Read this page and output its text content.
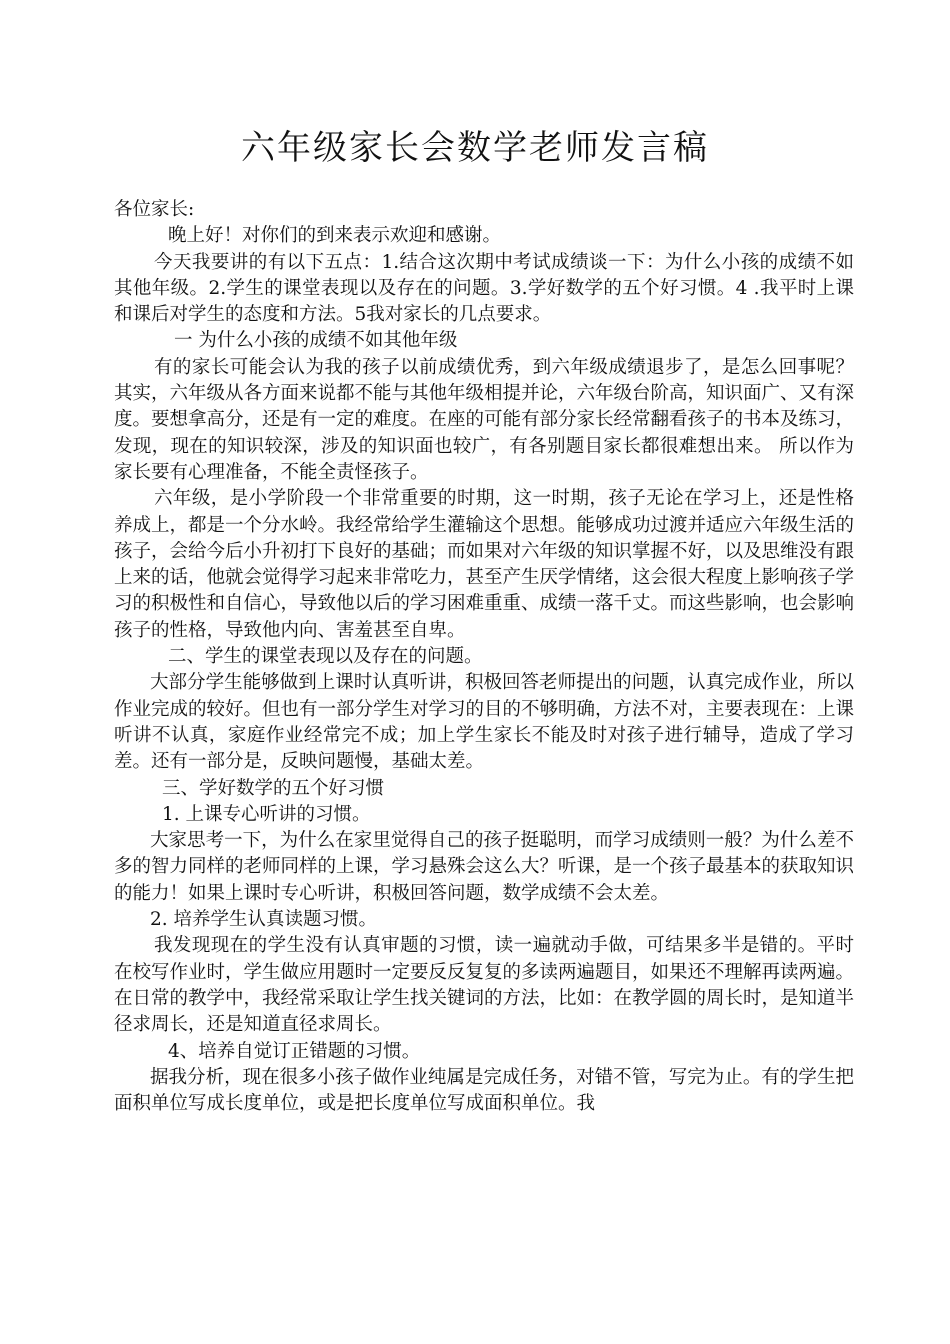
六年级家长会数学老师发言稿

各位家长:

晚上好！对你们的到来表示欢迎和感谢。

今天我要讲的有以下五点：1.结合这次期中考试成绩谈一下：为什么小孩的成绩不如其他年级。2.学生的课堂表现以及存在的问题。3.学好数学的五个好习惯。4 .我平时上课和课后对学生的态度和方法。5我对家长的几点要求。

一 为什么小孩的成绩不如其他年级

有的家长可能会认为我的孩子以前成绩优秀，到六年级成绩退步了，是怎么回事呢？其实，六年级从各方面来说都不能与其他年级相提并论，六年级台阶高，知识面广、又有深度。要想拿高分，还是有一定的难度。在座的可能有部分家长经常翻看孩子的书本及练习，发现，现在的知识较深，涉及的知识面也较广，有各别题目家长都很难想出来。 所以作为家长要有心理准备，不能全责怪孩子。

六年级，是小学阶段一个非常重要的时期，这一时期，孩子无论在学习上，还是性格养成上，都是一个分水岭。我经常给学生灌输这个思想。能够成功过渡并适应六年级生活的孩子，会给今后小升初打下良好的基础；而如果对六年级的知识掌握不好，以及思维没有跟上来的话，他就会觉得学习起来非常吃力，甚至产生厌学情绪，这会很大程度上影响孩子学习的积极性和自信心，导致他以后的学习困难重重、成绩一落千丈。而这些影响，也会影响孩子的性格，导致他内向、害羞甚至自卑。

二、学生的课堂表现以及存在的问题。

大部分学生能够做到上课时认真听讲，积极回答老师提出的问题，认真完成作业，所以作业完成的较好。但也有一部分学生对学习的目的不够明确，方法不对，主要表现在：上课听讲不认真，家庭作业经常完不成；加上学生家长不能及时对孩子进行辅导，造成了学习差。还有一部分是，反映问题慢，基础太差。

三、学好数学的五个好习惯

1. 上课专心听讲的习惯。

大家思考一下，为什么在家里觉得自己的孩子挺聪明，而学习成绩则一般？为什么差不多的智力同样的老师同样的上课，学习悬殊会这么大？听课，是一个孩子最基本的获取知识的能力！如果上课时专心听讲，积极回答问题，数学成绩不会太差。

2. 培养学生认真读题习惯。

我发现现在的学生没有认真审题的习惯，读一遍就动手做，可结果多半是错的。平时在校写作业时，学生做应用题时一定要反反复复的多读两遍题目，如果还不理解再读两遍。在日常的教学中，我经常采取让学生找关键词的方法，比如：在教学圆的周长时，是知道半径求周长，还是知道直径求周长。

4、培养自觉订正错题的习惯。

据我分析，现在很多小孩子做作业纯属是完成任务，对错不管，写完为止。有的学生把面积单位写成长度单位，或是把长度单位写成面积单位。我
